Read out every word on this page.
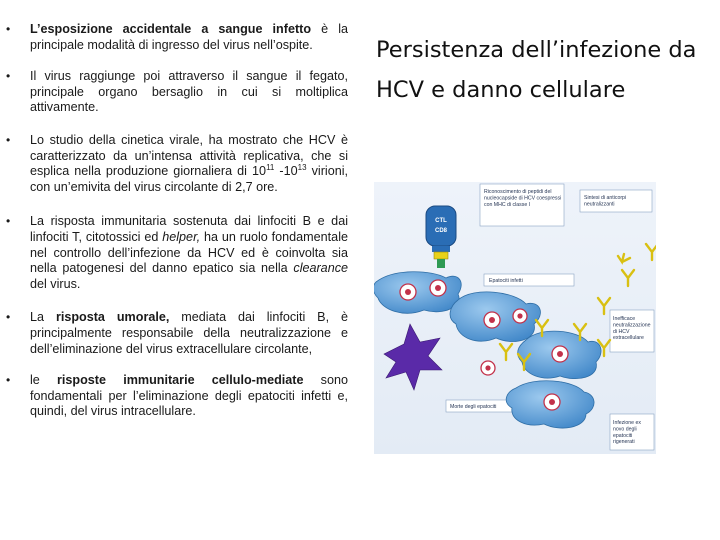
Persistenza dell’infezione da HCV e danno cellulare
• L’esposizione accidentale a sangue infetto è la principale modalità di ingresso del virus nell’ospite.
• Il virus raggiunge poi attraverso il sangue il fegato, principale organo bersaglio in cui si moltiplica attivamente.
• Lo studio della cinetica virale, ha mostrato che HCV è caratterizzato da un’intensa attività replicativa, che si esplica nella produzione giornaliera di $10^{11}$ $-10^{13}$ virioni, con un’emivita del virus circolante di 2,7 ore.
• La risposta immunitaria sostenuta dai linfociti B e dai linfociti T, citotossici ed helper, ha un ruolo fondamentale nel controllo dell’infezione da HCV ed è coinvolta sia nella patogenesi del danno epatico sia nella clearance del virus.
• La risposta umorale, mediata dai linfociti B, è principalmente responsabile della neutralizzazione e dell’eliminazione del virus extracellulare circolante,
• le risposte immunitarie cellulo-mediate sono fondamentali per l’eliminazione degli epatociti infetti e, quindi, del virus intracellulare.
CTL
CD8
Riconoscimento di peptidi del nucleocapside di HCV coespressi con MHC di classe I
Sintesi di anticorpi neutralizzanti
Epatociti infetti
Inefficace neutralizzazione di HCV extracellulare
Morte degli epatociti
Infezione ex novo degli epatociti rigenerati
